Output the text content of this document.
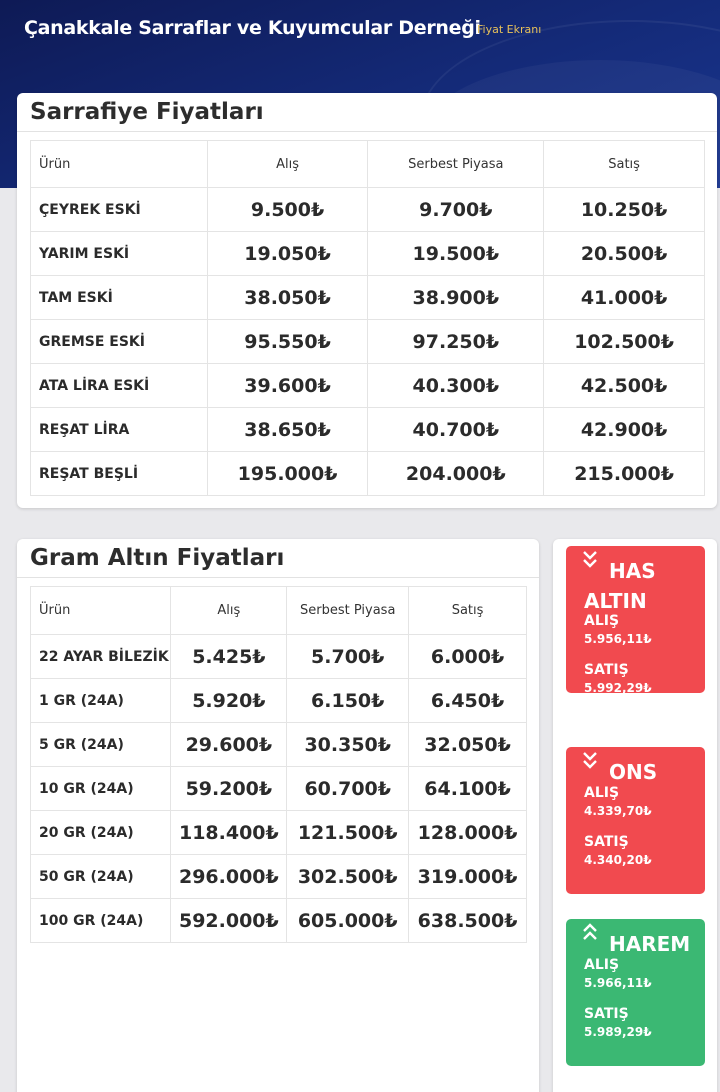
Çanakkale Sarraflar ve Kuyumcular Derneği
Fiyat Ekranı
Sarrafiye Fiyatları
Ürün	Alış	Serbest Piyasa	Satış
ÇEYREK ESKİ	9.500₺	9.700₺	10.250₺
YARIM ESKİ	19.050₺	19.500₺	20.500₺
TAM ESKİ	38.050₺	38.900₺	41.000₺
GREMSE ESKİ	95.550₺	97.250₺	102.500₺
ATA LİRA ESKİ	39.600₺	40.300₺	42.500₺
REŞAT LİRA	38.650₺	40.700₺	42.900₺
REŞAT BEŞLİ	195.000₺	204.000₺	215.000₺
Gram Altın Fiyatları
Ürün	Alış	Serbest Piyasa	Satış
22 AYAR BİLEZİK	5.425₺	5.700₺	6.000₺
1 GR (24A)	5.920₺	6.150₺	6.450₺
5 GR (24A)	29.600₺	30.350₺	32.050₺
10 GR (24A)	59.200₺	60.700₺	64.100₺
20 GR (24A)	118.400₺	121.500₺	128.000₺
50 GR (24A)	296.000₺	302.500₺	319.000₺
100 GR (24A)	592.000₺	605.000₺	638.500₺
HAS ALTIN
ALIŞ
5.956,11₺
SATIŞ
5.992,29₺
ONS
ALIŞ
4.339,70₺
SATIŞ
4.340,20₺
HAREM
ALIŞ
5.966,11₺
SATIŞ
5.989,29₺
